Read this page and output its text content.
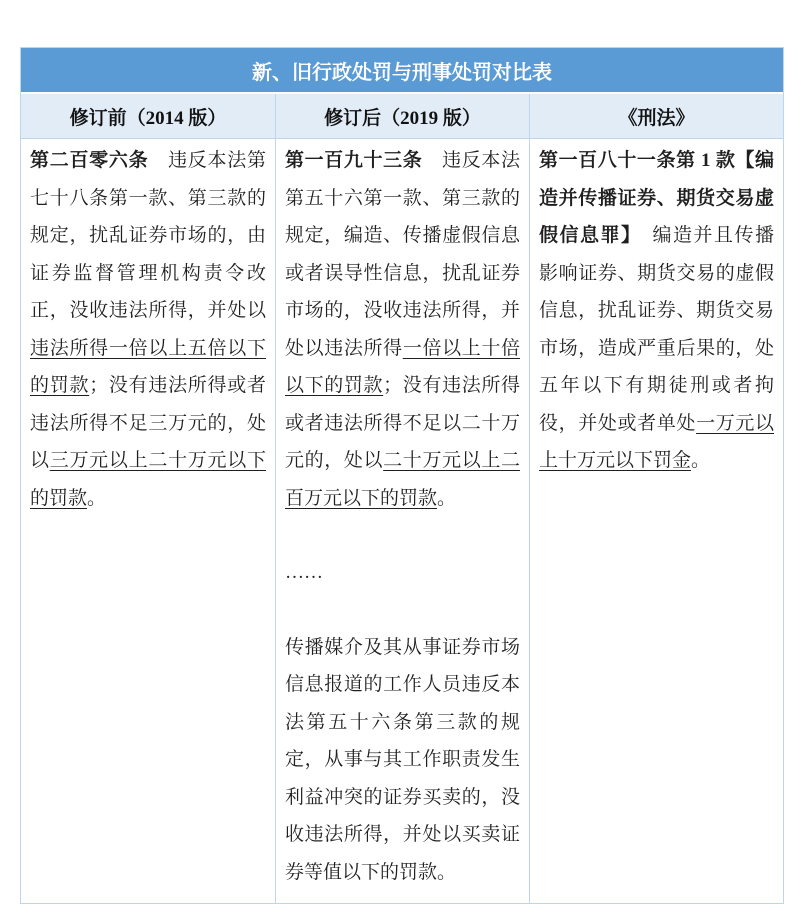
新、旧行政处罚与刑事处罚对比表
修订前（2014 版）	修订后（2019 版）	《刑法》

第二百零六条　违反本法第七十八条第一款、第三款的规定，扰乱证券市场的，由证券监督管理机构责令改正，没收违法所得，并处以违法所得一倍以上五倍以下的罚款；没有违法所得或者违法所得不足三万元的，处以三万元以上二十万元以下的罚款。

第一百九十三条　违反本法第五十六第一款、第三款的规定，编造、传播虚假信息或者误导性信息，扰乱证券市场的，没收违法所得，并处以违法所得一倍以上十倍以下的罚款；没有违法所得或者违法所得不足以二十万元的，处以二十万元以上二百万元以下的罚款。

……

传播媒介及其从事证券市场信息报道的工作人员违反本法第五十六条第三款的规定，从事与其工作职责发生利益冲突的证券买卖的，没收违法所得，并处以买卖证券等值以下的罚款。

第一百八十一条第 1 款【编造并传播证券、期货交易虚假信息罪】　编造并且传播影响证券、期货交易的虚假信息，扰乱证券、期货交易市场，造成严重后果的，处五年以下有期徒刑或者拘役，并处或者单处一万元以上十万元以下罚金。
